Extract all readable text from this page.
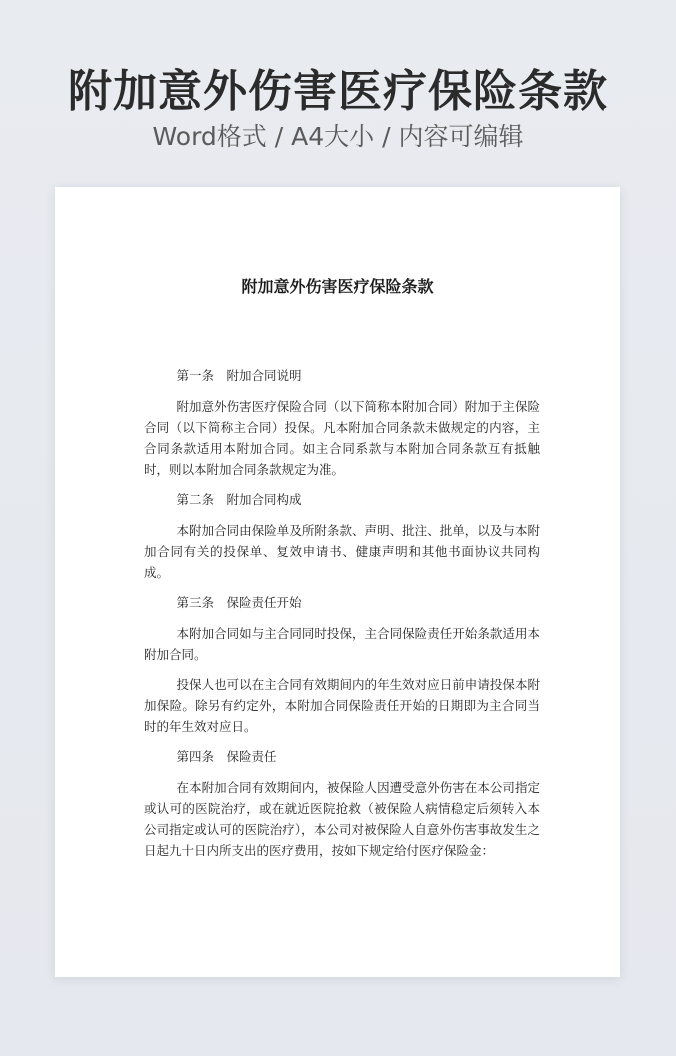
附加意外伤害医疗保险条款
Word格式 / A4大小 / 内容可编辑
附加意外伤害医疗保险条款

第一条　附加合同说明

附加意外伤害医疗保险合同（以下简称本附加合同）附加于主保险合同（以下简称主合同）投保。凡本附加合同条款未做规定的内容，主合同条款适用本附加合同。如主合同系款与本附加合同条款互有抵触时，则以本附加合同条款规定为准。

第二条　附加合同构成

本附加合同由保险单及所附条款、声明、批注、批单，以及与本附加合同有关的投保单、复效申请书、健康声明和其他书面协议共同构成。

第三条　保险责任开始

本附加合同如与主合同同时投保，主合同保险责任开始条款适用本附加合同。

投保人也可以在主合同有效期间内的年生效对应日前申请投保本附加保险。除另有约定外，本附加合同保险责任开始的日期即为主合同当时的年生效对应日。

第四条　保险责任

在本附加合同有效期间内，被保险人因遭受意外伤害在本公司指定或认可的医院治疗，或在就近医院抢救（被保险人病情稳定后须转入本公司指定或认可的医院治疗），本公司对被保险人自意外伤害事故发生之日起九十日内所支出的医疗费用，按如下规定给付医疗保险金：
